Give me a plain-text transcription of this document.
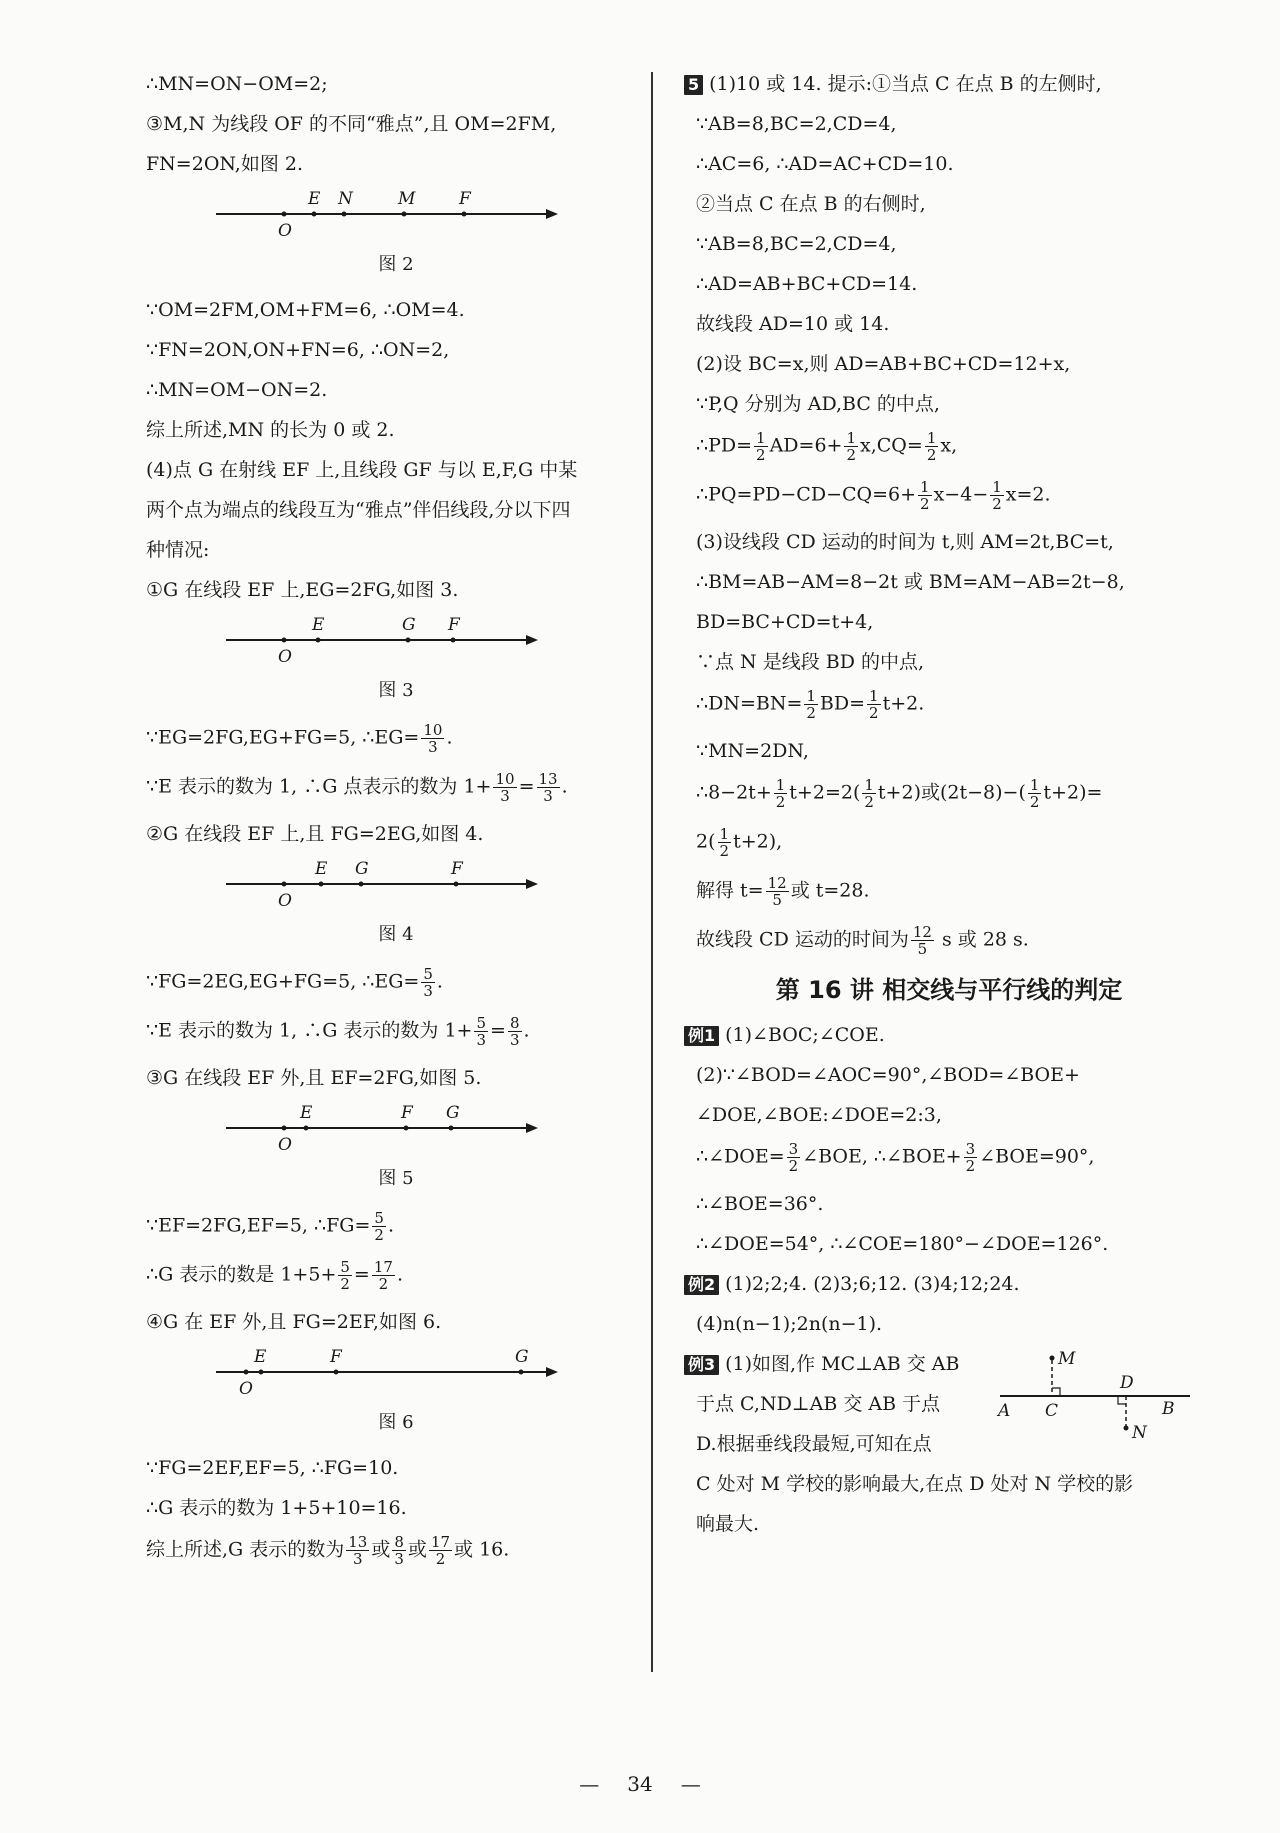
∴MN=ON−OM=2;
③M,N 为线段 OF 的不同“雅点”,且 OM=2FM,
FN=2ON,如图 2.
E N	M	F
O
图 2
∵OM=2FM,OM+FM=6, ∴OM=4.
∵FN=2ON,ON+FN=6, ∴ON=2,
∴MN=OM−ON=2.
综上所述,MN 的长为 0 或 2.
(4)点 G 在射线 EF 上,且线段 GF 与以 E,F,G 中某
两个点为端点的线段互为“雅点”伴侣线段,分以下四
种情况:
①G 在线段 EF 上,EG=2FG,如图 3.
E	G F
O
图 3
∵EG=2FG,EG+FG=5, ∴EG= $\frac{10}{3}$ .
∵E 表示的数为 1, ∴G 点表示的数为 $1+ \frac{10}{3} = \frac{13}{3}$ .
②G 在线段 EF 上,且 FG=2EG,如图 4.
E G	F
O
图 4
∵FG=2EG,EG+FG=5, ∴EG= $\frac{5}{3}$ .
∵E 表示的数为 1, ∴G 表示的数为 $1+ \frac{5}{3} = \frac{8}{3}$ .
③G 在线段 EF 外,且 EF=2FG,如图 5.
E	F G
O
图 5
∵EF=2FG,EF=5, ∴FG= $\frac{5}{2}$ .
∴G 表示的数是 $1+5+ \frac{5}{2} = \frac{17}{2}$ .
④G 在 EF 外,且 FG=2EF,如图 6.
E	F	G
O
图 6
∵FG=2EF,EF=5, ∴FG=10.
∴G 表示的数为 1+5+10=16.
综上所述,G 表示的数为 $\frac{13}{3}$ 或 $\frac{8}{3}$ 或 $\frac{17}{2}$ 或 16.
5 (1)10 或 14. 提示:①当点 C 在点 B 的左侧时,
∵AB=8,BC=2,CD=4,
∴AC=6, ∴AD=AC+CD=10.
②当点 C 在点 B 的右侧时,
∵AB=8,BC=2,CD=4,
∴AD=AB+BC+CD=14.
故线段 AD=10 或 14.
(2)设 BC=x,则 AD=AB+BC+CD=12+x,
∵P,Q 分别为 AD,BC 的中点,
∴PD= $\frac{1}{2} AD=6+ \frac{1}{2} x,CQ= \frac{1}{2} x$,
∴PQ=PD−CD−CQ=6+ $\frac{1}{2} x-4- \frac{1}{2} x=2$.
(3)设线段 CD 运动的时间为 t,则 AM=2t,BC=t,
∴BM=AB−AM=8−2t 或 BM=AM−AB=2t−8,
BD=BC+CD=t+4,
∵点 N 是线段 BD 的中点,
∴DN=BN= $\frac{1}{2} BD= \frac{1}{2} t+2$.
∵MN=2DN,
∴8−2t+ $\frac{1}{2} t+2=2( \frac{1}{2} t+2)$或$(2t-8)-( \frac{1}{2} t+2)=$
$2( \frac{1}{2} t+2)$,
解得 $t= \frac{12}{5}$ 或 t=28.
故线段 CD 运动的时间为 $\frac{12}{5}$ s 或 28 s.
第 16 讲 相交线与平行线的判定
例1 (1)∠BOC;∠COE.
(2)∵∠BOD=∠AOC=90°,∠BOD=∠BOE+
∠DOE,∠BOE:∠DOE=2:3,
∴∠DOE= $\frac{3}{2}$ ∠BOE, ∴∠BOE+ $\frac{3}{2}$ ∠BOE=90°,
∴∠BOE=36°.
∴∠DOE=54°, ∴∠COE=180°−∠DOE=126°.
例2 (1)2;2;4. (2)3;6;12. (3)4;12;24.
(4)n(n−1);2n(n−1).
M
A C
D
B
N
例3 (1)如图,作 MC⊥AB 交 AB
于点 C,ND⊥AB 交 AB 于点
D.根据垂线段最短,可知在点
C 处对 M 学校的影响最大,在点 D 处对 N 学校的影
响最大.
— 34 —
